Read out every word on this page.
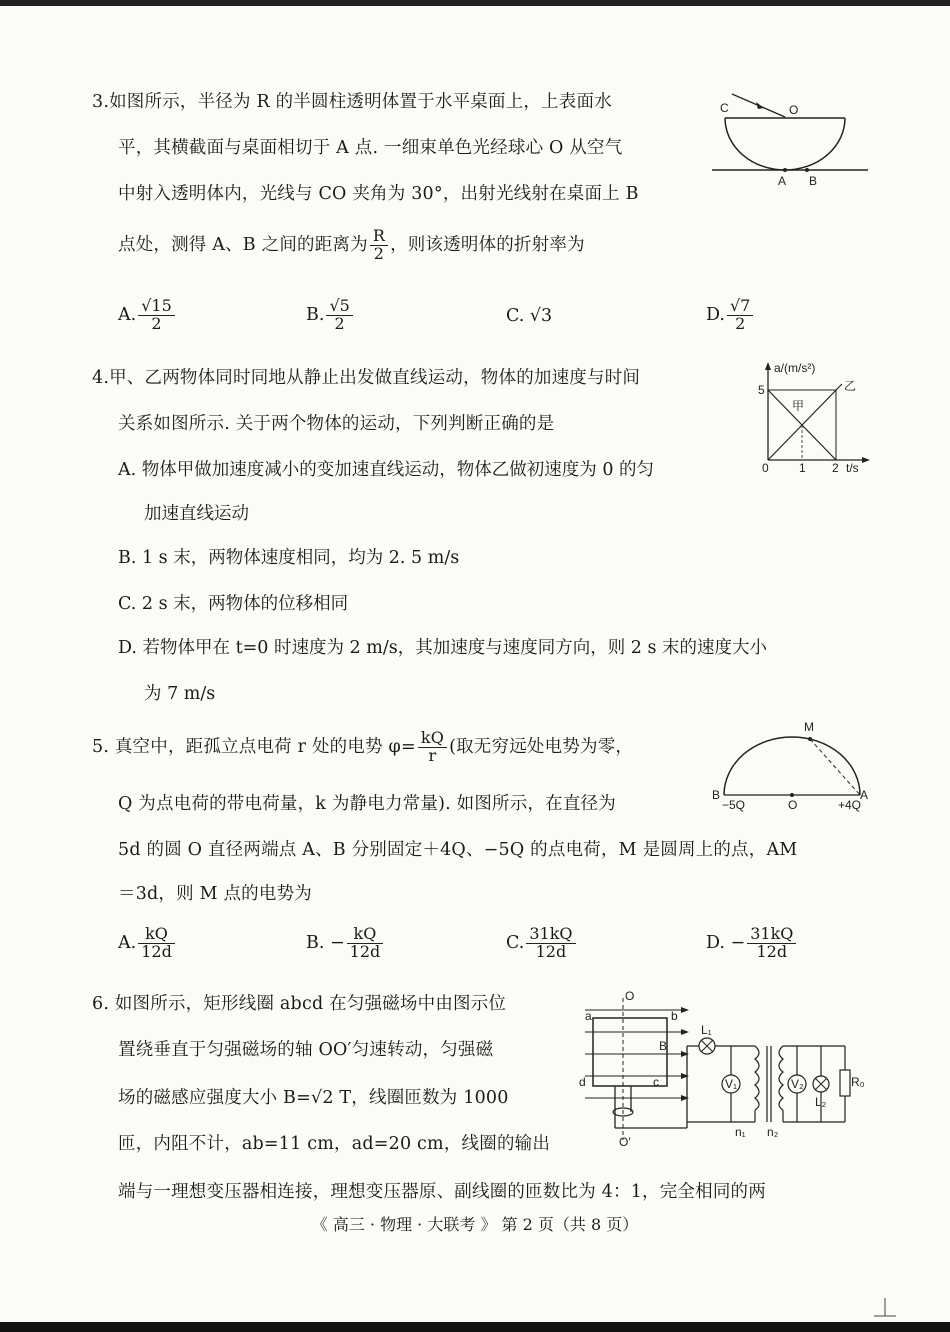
3.如图所示，半径为 R 的半圆柱透明体置于水平桌面上，上表面水
平，其横截面与桌面相切于 A 点. 一细束单色光经球心 O 从空气
中射入透明体内，光线与 CO 夹角为 30°，出射光线射在桌面上 B
点处，测得 A、B 之间的距离为 $\frac{R}{2}$ ，则该透明体的折射率为
A. $\frac{√15}{2}$	B. $\frac{√5}{2}$	C. √3	D. $\frac{√7}{2}$
C	O
A B
4.甲、乙两物体同时同地从静止出发做直线运动，物体的加速度与时间
关系如图所示. 关于两个物体的运动，下列判断正确的是
A. 物体甲做加速度减小的变加速直线运动，物体乙做初速度为 0 的匀
加速直线运动
B. 1 s 末，两物体速度相同，均为 2. 5 m/s
C. 2 s 末，两物体的位移相同
D. 若物体甲在 t=0 时速度为 2 m/s，其加速度与速度同方向，则 2 s 末的速度大小
为 7 m/s
a/(m/s²)
5
甲
乙
0	1 2 t/s
5. 真空中，距孤立点电荷 r 处的电势 $\varphi= \frac{kQ}{r}$ (取无穷远处电势为零，
Q 为点电荷的带电荷量，k 为静电力常量). 如图所示，在直径为
5d 的圆 O 直径两端点 A、B 分别固定＋4Q、−5Q 的点电荷，M 是圆周上的点，AM
＝3d，则 M 点的电势为
A. $\frac{kQ}{12d}$	B. − $\frac{kQ}{12d}$	C. $\frac{31kQ}{12d}$	D. − $\frac{31kQ}{12d}$
M
B
−5Q	O
A
+4Q
6. 如图所示，矩形线圈 abcd 在匀强磁场中由图示位
置绕垂直于匀强磁场的轴 OO′匀速转动，匀强磁
场的磁感应强度大小 B=√2 T，线圈匝数为 1000
匝，内阻不计，ab=11 cm，ad=20 cm，线圈的输出
端与一理想变压器相连接，理想变压器原、副线圈的匝数比为 4：1，完全相同的两
O
a	b
B
d	c
O′
L₁
V₁	V₂
L₂
R₀
n₁ n₂
《 高三 · 物理 · 大联考 》 第 2 页（共 8 页）
